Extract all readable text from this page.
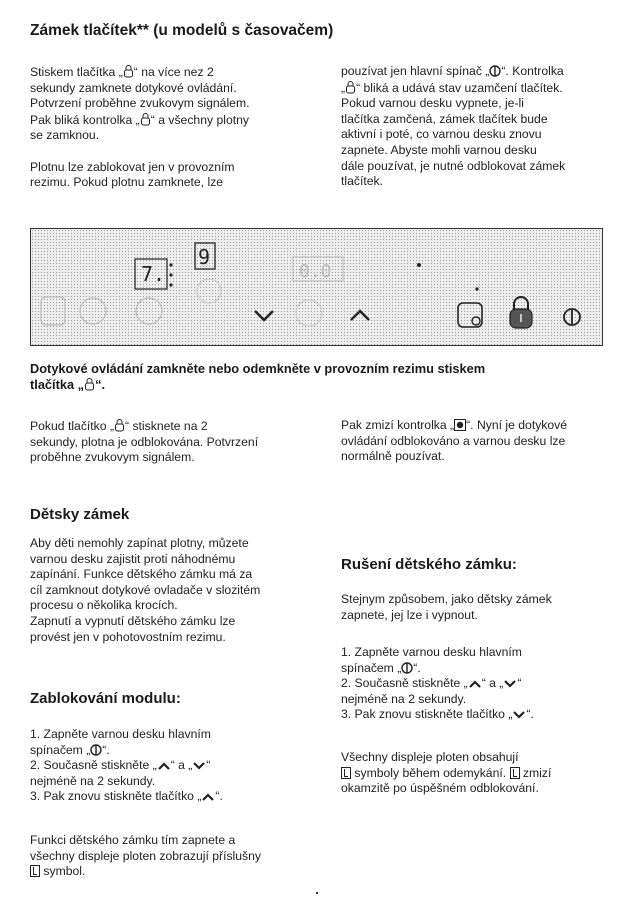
Zámek tlačítek** (u modelů s časovačem)
Stiskem tlačítka „ “ na více nez 2
sekundy zamknete dotykové ovládání.
Potvrzení proběhne zvukovym signálem.
Pak bliká kontrolka „ “ a všechny plotny
se zamknou.

Plotnu lze zablokovat jen v provozním
rezimu. Pokud plotnu zamknete, lze
pouzívat jen hlavní spínač „ “. Kontrolka
„ “ bliká a udává stav uzamčení tlačítek.
Pokud varnou desku vypnete, je-li
tlačítka zamčená, zámek tlačítek bude
aktivní i poté, co varnou desku znovu
zapnete. Abyste mohli varnou desku
dále pouzívat, je nutné odblokovat zámek
tlačítek.
7.
9
0.0
Dotykové ovládání zamkněte nebo odemkněte v provozním rezimu stiskem
tlačítka „ “.
Pokud tlačítko „ “ stisknete na 2
sekundy, plotna je odblokována. Potvrzení
proběhne zvukovym signálem.
Pak zmizí kontrolka „ “. Nyní je dotykové
ovládání odblokováno a varnou desku lze
normálně pouzívat.
Dětsky zámek
Aby děti nemohly zapínat plotny, můzete
varnou desku zajistit proti náhodnému
zapínání. Funkce dětského zámku má za
cíl zamknout dotykové ovladače v slozitém
procesu o několika krocích.
Zapnutí a vypnutí dětského zámku lze
provést jen v pohotovostním rezimu.
Zablokování modulu:
1. Zapněte varnou desku hlavním
spínačem „ “.
2. Současně stiskněte „ “ a „ “
nejméně na 2 sekundy.
3. Pak znovu stiskněte tlačítko „ “.
Funkci dětského zámku tím zapnete a
všechny displeje ploten zobrazují příslušny
symbol.
Rušení dětského zámku:
Stejnym způsobem, jako dětsky zámek
zapnete, jej lze i vypnout.
1. Zapněte varnou desku hlavním
spínačem „ “.
2. Současně stiskněte „ “ a „ “
nejméně na 2 sekundy.
3. Pak znovu stiskněte tlačítko „ “.
Všechny displeje ploten obsahují
symboly během odemykání.  zmizí
okamzitě po úspěšném odblokování.
